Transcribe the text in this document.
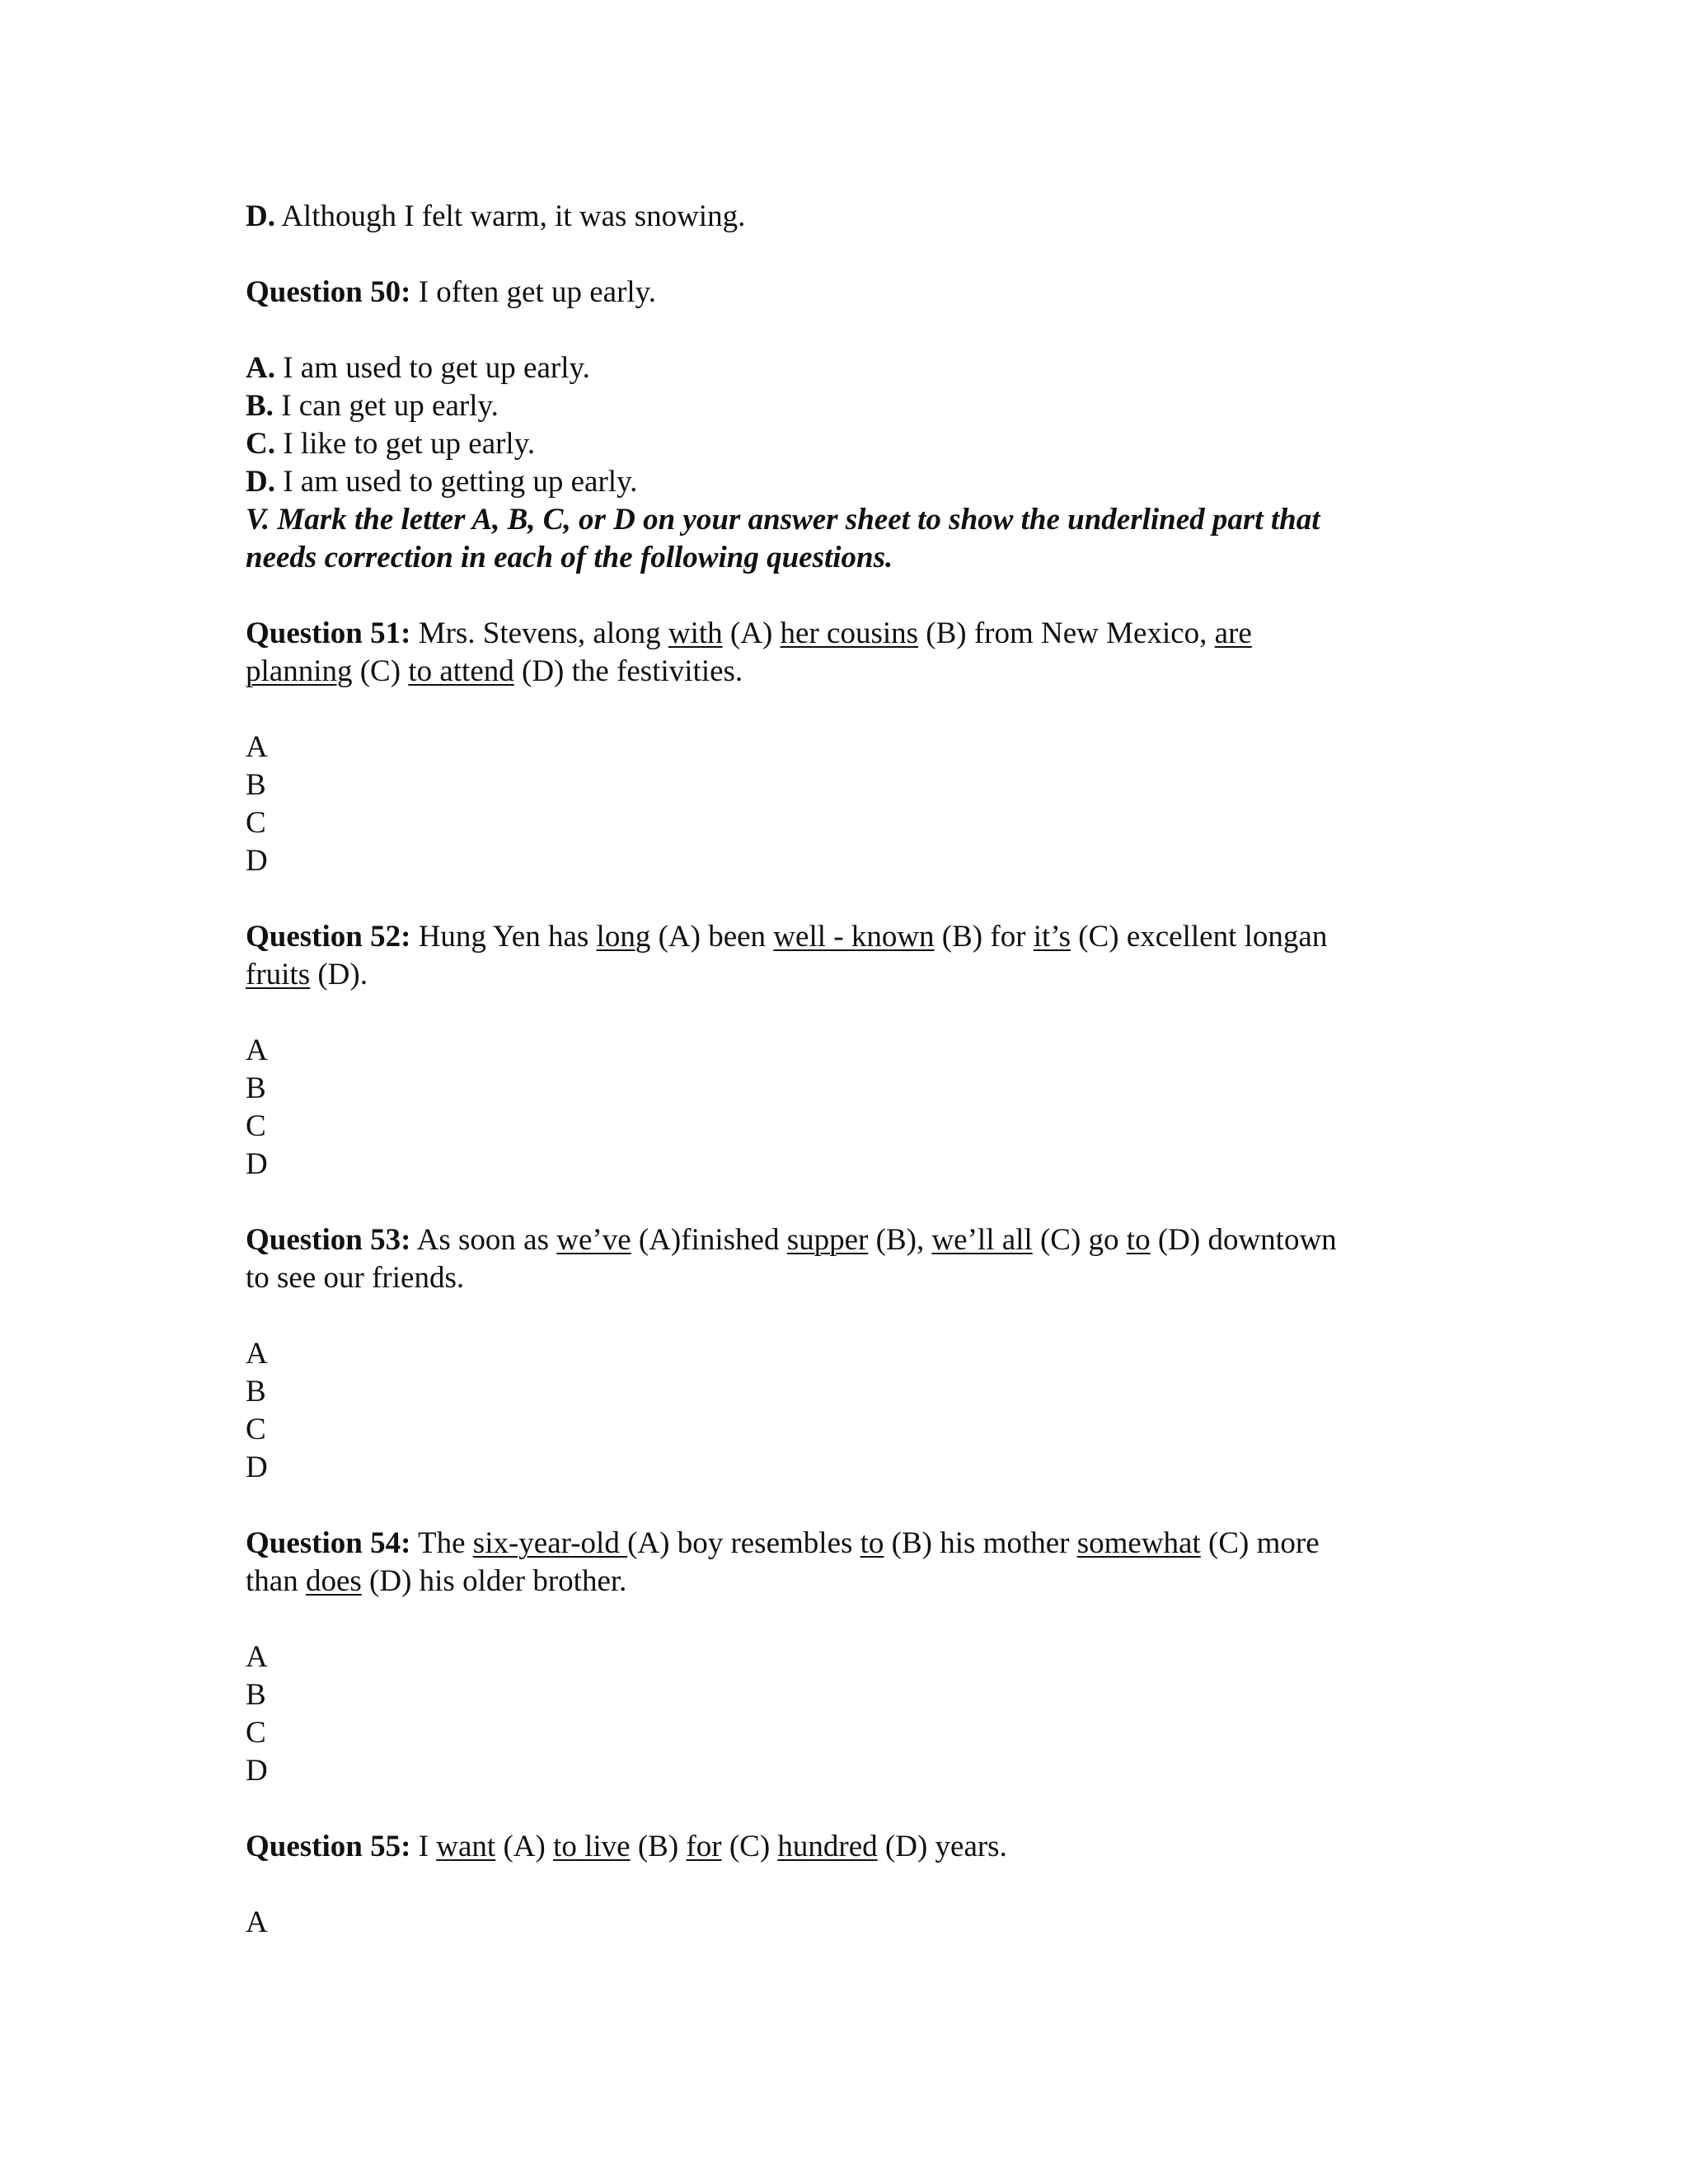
D. Although I felt warm, it was snowing.

Question 50: I often get up early.

A. I am used to get up early.

B. I can get up early.

C. I like to get up early.

D. I am used to getting up early.

V. Mark the letter A, B, C, or D on your answer sheet to show the underlined part that

needs correction in each of the following questions.

Question 51: Mrs. Stevens, along with (A) her cousins (B) from New Mexico, are

planning (C) to attend (D) the festivities.

A

B

C

D

Question 52: Hung Yen has long (A) been well - known (B) for it’s (C) excellent longan

fruits (D).

A

B

C

D

Question 53: As soon as we’ve (A)finished supper (B), we’ll all (C) go to (D) downtown

to see our friends.

A

B

C

D

Question 54: The six-year-old (A) boy resembles to (B) his mother somewhat (C) more

than does (D) his older brother.

A

B

C

D

Question 55: I want (A) to live (B) for (C) hundred (D) years.

A
